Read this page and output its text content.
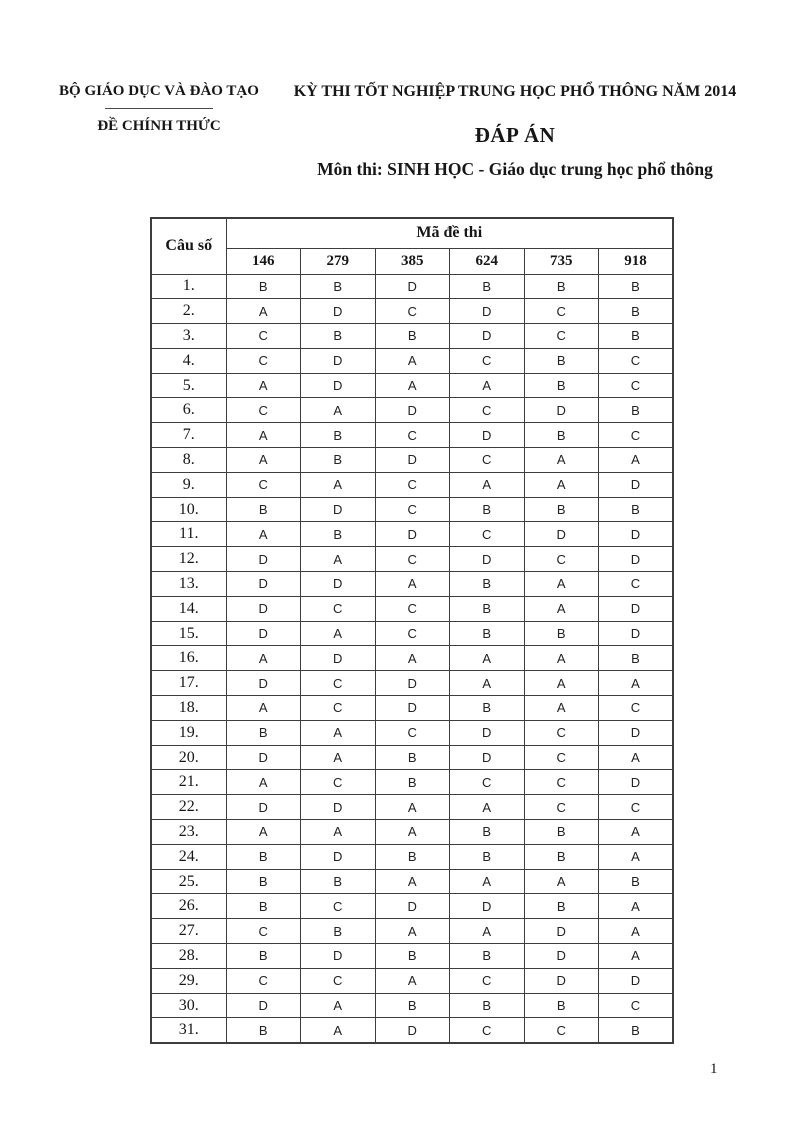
BỘ GIÁO DỤC VÀ ĐÀO TẠO
ĐỀ CHÍNH THỨC
KỲ THI TỐT NGHIỆP TRUNG HỌC PHỔ THÔNG NĂM 2014
ĐÁP ÁN
Môn thi: SINH HỌC - Giáo dục trung học phổ thông
Câu số	Mã đề thi					
	146	279	385	624	735	918
1.	B	B	D	B	B	B
2.	A	D	C	D	C	B
3.	C	B	B	D	C	B
4.	C	D	A	C	B	C
5.	A	D	A	A	B	C
6.	C	A	D	C	D	B
7.	A	B	C	D	B	C
8.	A	B	D	C	A	A
9.	C	A	C	A	A	D
10.	B	D	C	B	B	B
11.	A	B	D	C	D	D
12.	D	A	C	D	C	D
13.	D	D	A	B	A	C
14.	D	C	C	B	A	D
15.	D	A	C	B	B	D
16.	A	D	A	A	A	B
17.	D	C	D	A	A	A
18.	A	C	D	B	A	C
19.	B	A	C	D	C	D
20.	D	A	B	D	C	A
21.	A	C	B	C	C	D
22.	D	D	A	A	C	C
23.	A	A	A	B	B	A
24.	B	D	B	B	B	A
25.	B	B	A	A	A	B
26.	B	C	D	D	B	A
27.	C	B	A	A	D	A
28.	B	D	B	B	D	A
29.	C	C	A	C	D	D
30.	D	A	B	B	B	C
31.	B	A	D	C	C	B
1
